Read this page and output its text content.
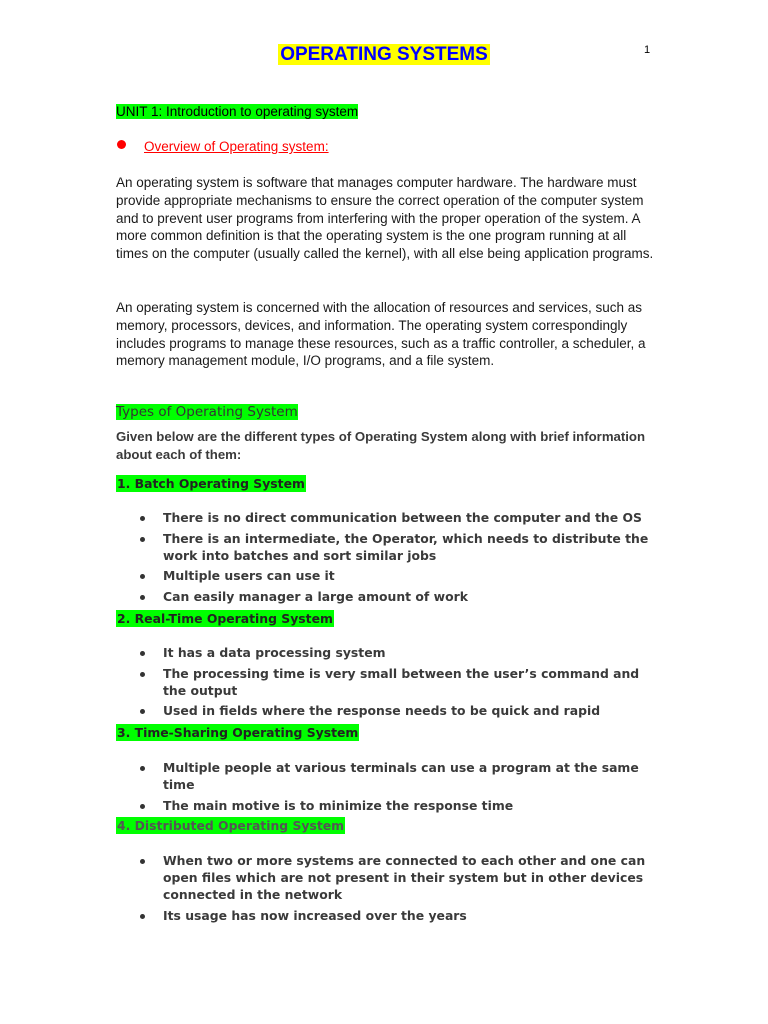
OPERATING SYSTEMS	1
UNIT 1: Introduction to operating system
Overview of Operating system:
An operating system is software that manages computer hardware. The hardware must provide appropriate mechanisms to ensure the correct operation of the computer system and to prevent user programs from interfering with the proper operation of the system. A more common definition is that the operating system is the one program running at all times on the computer (usually called the kernel), with all else being application programs.
An operating system is concerned with the allocation of resources and services, such as memory, processors, devices, and information. The operating system correspondingly includes programs to manage these resources, such as a traffic controller, a scheduler, a memory management module, I/O programs, and a file system.
Types of Operating System
Given below are the different types of Operating System along with brief information about each of them:
1. Batch Operating System
There is no direct communication between the computer and the OS
There is an intermediate, the Operator, which needs to distribute the work into batches and sort similar jobs
Multiple users can use it
Can easily manager a large amount of work
2. Real-Time Operating System
It has a data processing system
The processing time is very small between the user’s command and the output
Used in fields where the response needs to be quick and rapid
3. Time-Sharing Operating System
Multiple people at various terminals can use a program at the same time
The main motive is to minimize the response time
4. Distributed Operating System
When two or more systems are connected to each other and one can open files which are not present in their system but in other devices connected in the network
Its usage has now increased over the years
